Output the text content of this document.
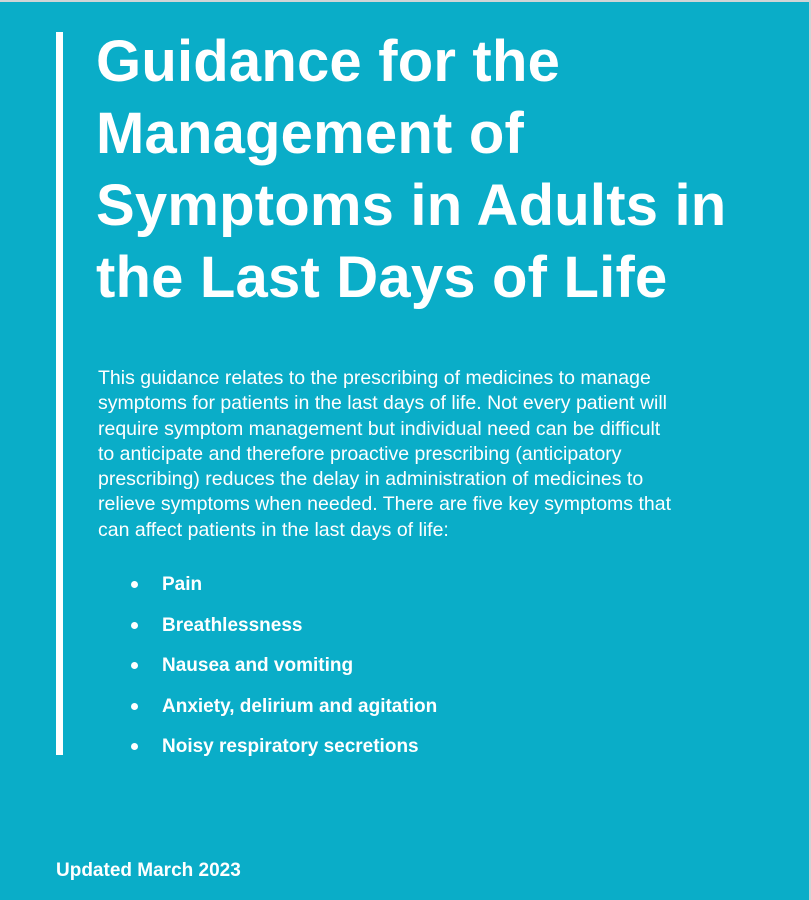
Guidance for the
Management of
Symptoms in Adults in
the Last Days of Life

This guidance relates to the prescribing of medicines to manage
symptoms for patients in the last days of life. Not every patient will
require symptom management but individual need can be difficult
to anticipate and therefore proactive prescribing (anticipatory
prescribing) reduces the delay in administration of medicines to
relieve symptoms when needed. There are five key symptoms that
can affect patients in the last days of life:

Pain
Breathlessness
Nausea and vomiting
Anxiety, delirium and agitation
Noisy respiratory secretions

Updated March 2023
